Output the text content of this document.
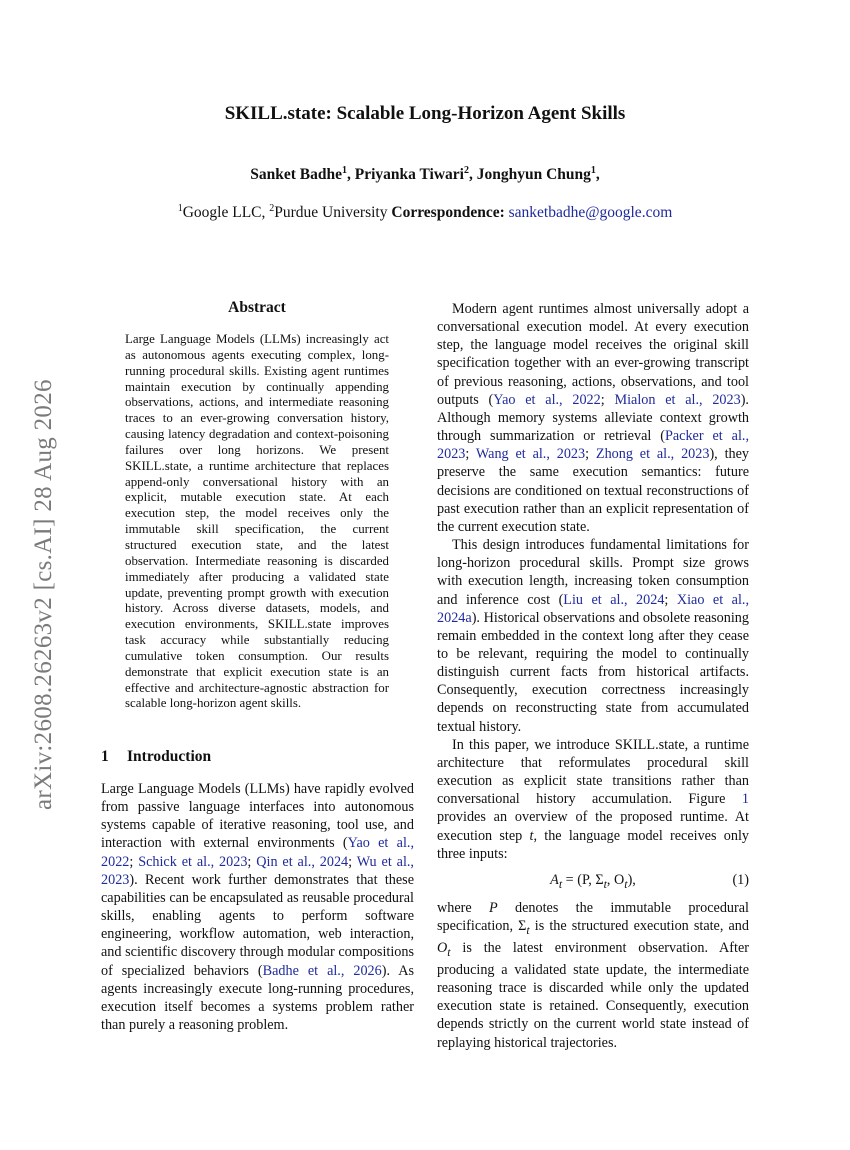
arXiv:2608.26263v2 [cs.AI] 28 Aug 2026
SKILL.state: Scalable Long-Horizon Agent Skills
Sanket Badhe$^1$, Priyanka Tiwari$^2$, Jonghyun Chung$^1$,
$^1$Google LLC, $^2$Purdue University Correspondence: sanketbadhe@google.com
Abstract
Large Language Models (LLMs) increasingly act as autonomous agents executing complex, long-running procedural skills. Existing agent runtimes maintain execution by continually appending observations, actions, and intermediate reasoning traces to an ever-growing conversation history, causing latency degradation and context-poisoning failures over long horizons. We present SKILL.state, a runtime architecture that replaces append-only conversational history with an explicit, mutable execution state. At each execution step, the model receives only the immutable skill specification, the current structured execution state, and the latest observation. Intermediate reasoning is discarded immediately after producing a validated state update, preventing prompt growth with execution history. Across diverse datasets, models, and execution environments, SKILL.state improves task accuracy while substantially reducing cumulative token consumption. Our results demonstrate that explicit execution state is an effective and architecture-agnostic abstraction for scalable long-horizon agent skills.
1 Introduction
Large Language Models (LLMs) have rapidly evolved from passive language interfaces into autonomous systems capable of iterative reasoning, tool use, and interaction with external environments (Yao et al., 2022; Schick et al., 2023; Qin et al., 2024; Wu et al., 2023). Recent work further demonstrates that these capabilities can be encapsulated as reusable procedural skills, enabling agents to perform software engineering, workflow automation, web interaction, and scientific discovery through modular compositions of specialized behaviors (Badhe et al., 2026). As agents increasingly execute long-running procedures, execution itself becomes a systems problem rather than purely a reasoning problem.

Modern agent runtimes almost universally adopt a conversational execution model. At every execution step, the language model receives the original skill specification together with an ever-growing transcript of previous reasoning, actions, observations, and tool outputs (Yao et al., 2022; Mialon et al., 2023). Although memory systems alleviate context growth through summarization or retrieval (Packer et al., 2023; Wang et al., 2023; Zhong et al., 2023), they preserve the same execution semantics: future decisions are conditioned on textual reconstructions of past execution rather than an explicit representation of the current execution state.

This design introduces fundamental limitations for long-horizon procedural skills. Prompt size grows with execution length, increasing token consumption and inference cost (Liu et al., 2024; Xiao et al., 2024a). Historical observations and obsolete reasoning remain embedded in the context long after they cease to be relevant, requiring the model to continually distinguish current facts from historical artifacts. Consequently, execution correctness increasingly depends on reconstructing state from accumulated textual history.

In this paper, we introduce SKILL.state, a runtime architecture that reformulates procedural skill execution as explicit state transitions rather than conversational history accumulation. Figure 1 provides an overview of the proposed runtime. At execution step t, the language model receives only three inputs:

$A_t = (P$, $\Sigma_t$, $O_t$),	(1)

where P denotes the immutable procedural specification, $\Sigma_t$ is the structured execution state, and $O_t$ is the latest environment observation. After producing a validated state update, the intermediate reasoning trace is discarded while only the updated execution state is retained. Consequently, execution depends strictly on the current world state instead of replaying historical trajectories.
